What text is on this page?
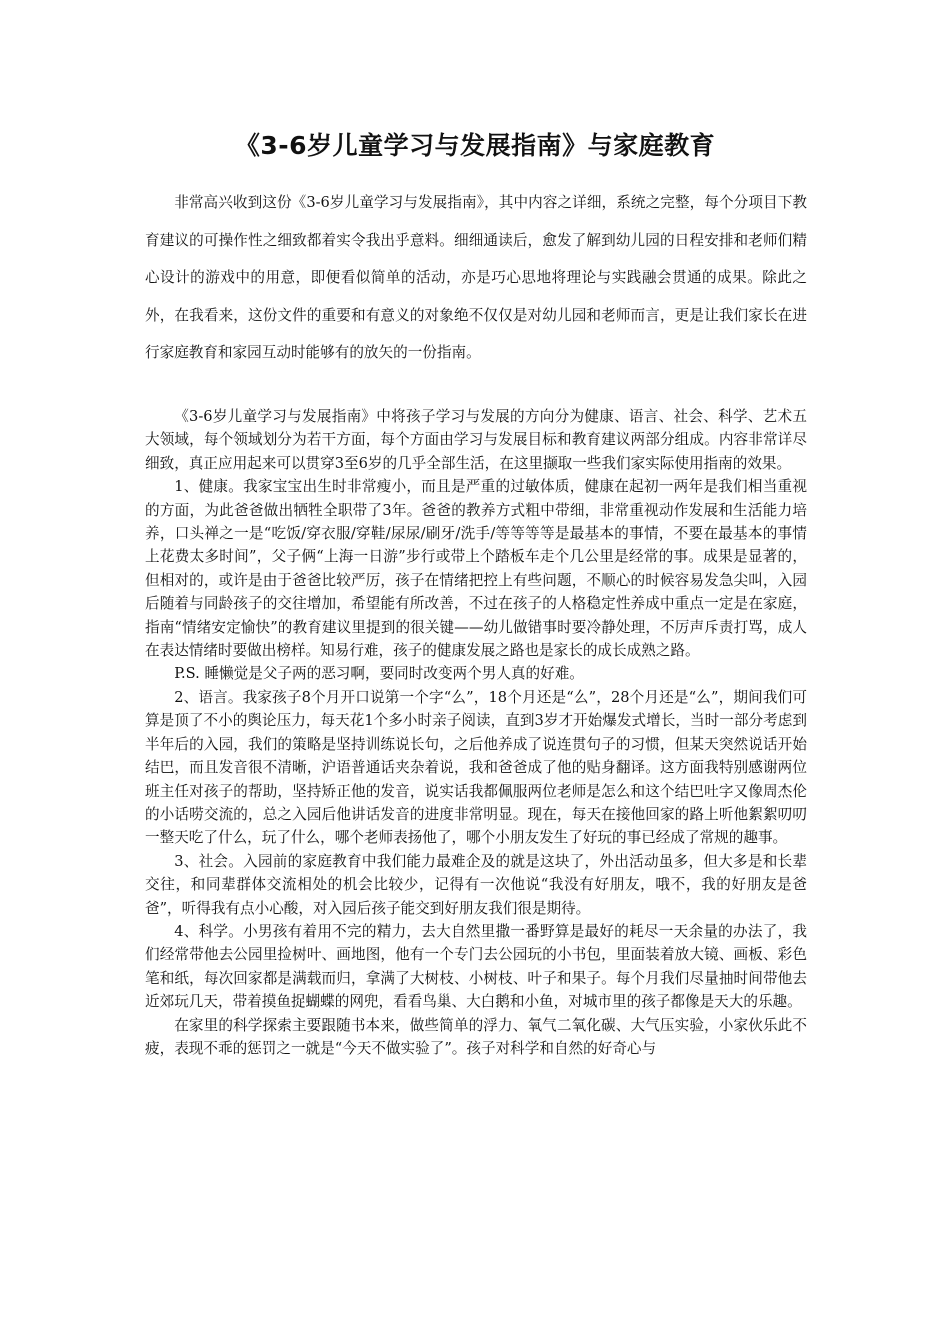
《3-6岁儿童学习与发展指南》与家庭教育

非常高兴收到这份《3-6岁儿童学习与发展指南》，其中内容之详细，系统之完整，每个分项目下教育建议的可操作性之细致都着实令我出乎意料。细细通读后，愈发了解到幼儿园的日程安排和老师们精心设计的游戏中的用意，即便看似简单的活动，亦是巧心思地将理论与实践融会贯通的成果。除此之外，在我看来，这份文件的重要和有意义的对象绝不仅仅是对幼儿园和老师而言，更是让我们家长在进行家庭教育和家园互动时能够有的放矢的一份指南。

《3-6岁儿童学习与发展指南》中将孩子学习与发展的方向分为健康、语言、社会、科学、艺术五大领域，每个领域划分为若干方面，每个方面由学习与发展目标和教育建议两部分组成。内容非常详尽细致，真正应用起来可以贯穿3至6岁的几乎全部生活，在这里撷取一些我们家实际使用指南的效果。

1、健康。我家宝宝出生时非常瘦小，而且是严重的过敏体质，健康在起初一两年是我们相当重视的方面，为此爸爸做出牺牲全职带了3年。爸爸的教养方式粗中带细，非常重视动作发展和生活能力培养，口头禅之一是“吃饭/穿衣服/穿鞋/尿尿/刷牙/洗手/等等等等是最基本的事情，不要在最基本的事情上花费太多时间”，父子俩“上海一日游”步行或带上个踏板车走个几公里是经常的事。成果是显著的，但相对的，或许是由于爸爸比较严厉，孩子在情绪把控上有些问题，不顺心的时候容易发急尖叫，入园后随着与同龄孩子的交往增加，希望能有所改善，不过在孩子的人格稳定性养成中重点一定是在家庭，指南“情绪安定愉快”的教育建议里提到的很关键——幼儿做错事时要冷静处理，不厉声斥责打骂，成人在表达情绪时要做出榜样。知易行难，孩子的健康发展之路也是家长的成长成熟之路。

P.S. 睡懒觉是父子两的恶习啊，要同时改变两个男人真的好难。

2、语言。我家孩子8个月开口说第一个字“么”，18个月还是“么”，28个月还是“么”，期间我们可算是顶了不小的舆论压力，每天花1个多小时亲子阅读，直到3岁才开始爆发式增长，当时一部分考虑到半年后的入园，我们的策略是坚持训练说长句，之后他养成了说连贯句子的习惯，但某天突然说话开始结巴，而且发音很不清晰，沪语普通话夹杂着说，我和爸爸成了他的贴身翻译。这方面我特别感谢两位班主任对孩子的帮助，坚持矫正他的发音，说实话我都佩服两位老师是怎么和这个结巴吐字又像周杰伦的小话唠交流的，总之入园后他讲话发音的进度非常明显。现在，每天在接他回家的路上听他絮絮叨叨一整天吃了什么，玩了什么，哪个老师表扬他了，哪个小朋友发生了好玩的事已经成了常规的趣事。

3、社会。入园前的家庭教育中我们能力最难企及的就是这块了，外出活动虽多，但大多是和长辈交往，和同辈群体交流相处的机会比较少，记得有一次他说“我没有好朋友，哦不，我的好朋友是爸爸”，听得我有点小心酸，对入园后孩子能交到好朋友我们很是期待。

4、科学。小男孩有着用不完的精力，去大自然里撒一番野算是最好的耗尽一天余量的办法了，我们经常带他去公园里捡树叶、画地图，他有一个专门去公园玩的小书包，里面装着放大镜、画板、彩色笔和纸，每次回家都是满载而归，拿满了大树枝、小树枝、叶子和果子。每个月我们尽量抽时间带他去近郊玩几天，带着摸鱼捉蝴蝶的网兜，看看鸟巢、大白鹅和小鱼，对城市里的孩子都像是天大的乐趣。

在家里的科学探索主要跟随书本来，做些简单的浮力、氧气二氧化碳、大气压实验，小家伙乐此不疲，表现不乖的惩罚之一就是“今天不做实验了”。孩子对科学和自然的好奇心与
